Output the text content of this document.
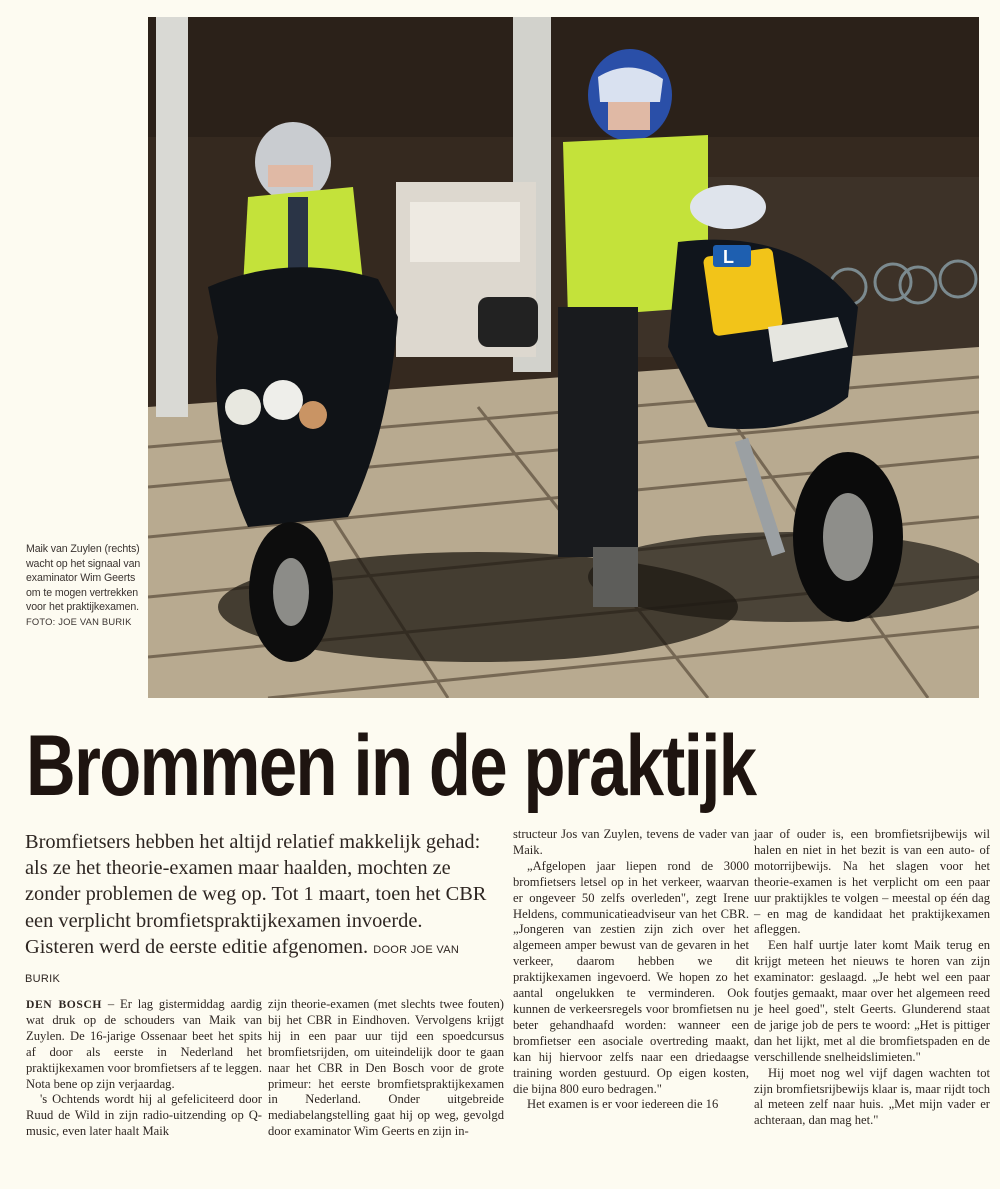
L
Maik van Zuylen (rechts) wacht op het signaal van examinator Wim Geerts om te mogen vertrekken voor het praktijkexamen.
FOTO: JOE VAN BURIK
Brommen in de praktijk
Bromfietsers hebben het altijd relatief makkelijk gehad: als ze het theorie-examen maar haalden, mochten ze zonder problemen de weg op. Tot 1 maart, toen het CBR een verplicht bromfietspraktijkexamen invoerde. Gisteren werd de eerste editie afgenomen. DOOR JOE VAN BURIK

DEN BOSCH – Er lag gistermiddag aardig wat druk op de schouders van Maik van Zuylen. De 16-jarige Ossenaar beet het spits af door als eerste in Nederland het praktijkexamen voor bromfietsers af te leggen. Nota bene op zijn verjaardag.

's Ochtends wordt hij al gefeliciteerd door Ruud de Wild in zijn radio-uitzending op Q-music, even later haalt Maik

zijn theorie-examen (met slechts twee fouten) bij het CBR in Eindhoven. Vervolgens krijgt hij in een paar uur tijd een spoedcursus bromfietsrijden, om uiteindelijk door te gaan naar het CBR in Den Bosch voor de grote primeur: het eerste bromfietspraktijkexamen in Nederland. Onder uitgebreide mediabelangstelling gaat hij op weg, gevolgd door examinator Wim Geerts en zijn in-

structeur Jos van Zuylen, tevens de vader van Maik.

„Afgelopen jaar liepen rond de 3000 bromfietsers letsel op in het verkeer, waarvan er ongeveer 50 zelfs overleden", zegt Irene Heldens, communicatieadviseur van het CBR. „Jongeren van zestien zijn zich over het algemeen amper bewust van de gevaren in het verkeer, daarom hebben we dit praktijkexamen ingevoerd. We hopen zo het aantal ongelukken te verminderen. Ook kunnen de verkeersregels voor bromfietsen nu beter gehandhaafd worden: wanneer een bromfietser een asociale overtreding maakt, kan hij hiervoor zelfs naar een driedaagse training worden gestuurd. Op eigen kosten, die bijna 800 euro bedragen."

Het examen is er voor iedereen die 16

jaar of ouder is, een bromfietsrijbewijs wil halen en niet in het bezit is van een auto- of motorrijbewijs. Na het slagen voor het theorie-examen is het verplicht om een paar uur praktijkles te volgen – meestal op één dag – en mag de kandidaat het praktijkexamen afleggen.

Een half uurtje later komt Maik terug en krijgt meteen het nieuws te horen van zijn examinator: geslaagd. „Je hebt wel een paar foutjes gemaakt, maar over het algemeen reed je heel goed", stelt Geerts. Glunderend staat de jarige job de pers te woord: „Het is pittiger dan het lijkt, met al die bromfietspaden en de verschillende snelheidslimieten."

Hij moet nog wel vijf dagen wachten tot zijn bromfietsrijbewijs klaar is, maar rijdt toch al meteen zelf naar huis. „Met mijn vader er achteraan, dan mag het."
